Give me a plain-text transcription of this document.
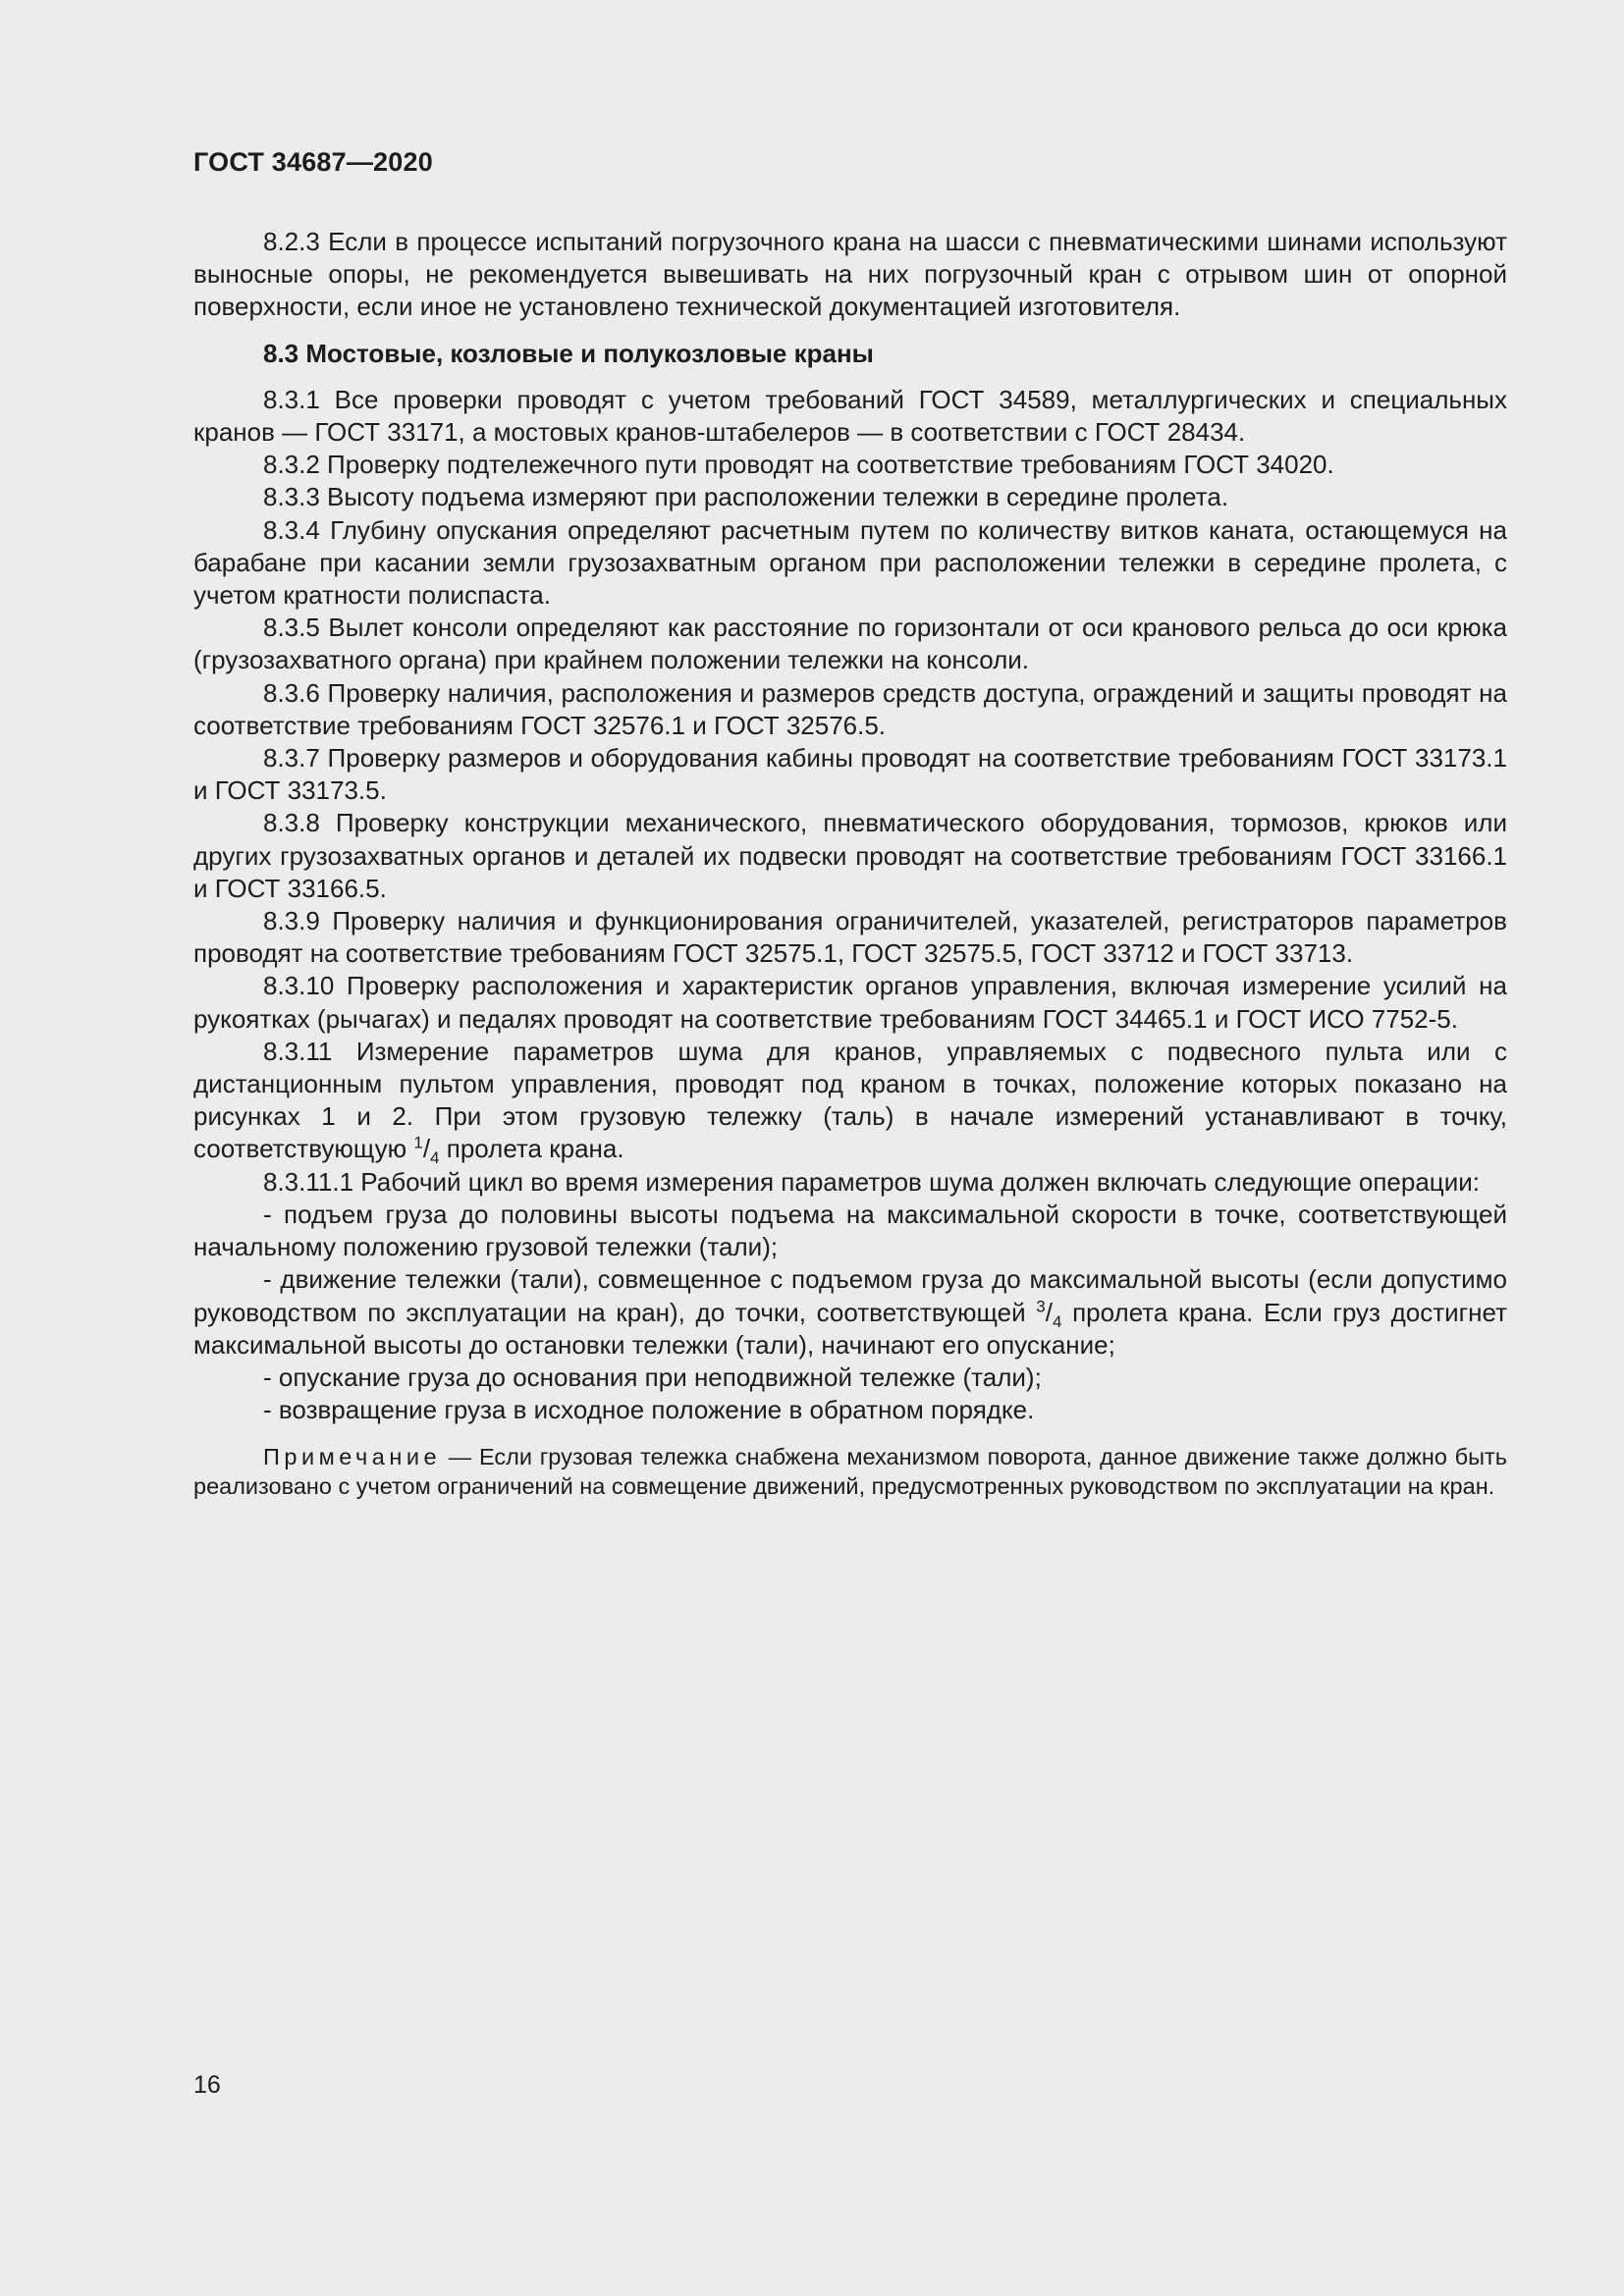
ГОСТ 34687—2020

8.2.3 Если в процессе испытаний погрузочного крана на шасси с пневматическими шинами используют выносные опоры, не рекомендуется вывешивать на них погрузочный кран с отрывом шин от опорной поверхности, если иное не установлено технической документацией изготовителя.

8.3 Мостовые, козловые и полукозловые краны

8.3.1 Все проверки проводят с учетом требований ГОСТ 34589, металлургических и специальных кранов — ГОСТ 33171, а мостовых кранов-штабелеров — в соответствии с ГОСТ 28434.

8.3.2 Проверку подтележечного пути проводят на соответствие требованиям ГОСТ 34020.

8.3.3 Высоту подъема измеряют при расположении тележки в середине пролета.

8.3.4 Глубину опускания определяют расчетным путем по количеству витков каната, остающемуся на барабане при касании земли грузозахватным органом при расположении тележки в середине пролета, с учетом кратности полиспаста.

8.3.5 Вылет консоли определяют как расстояние по горизонтали от оси кранового рельса до оси крюка (грузозахватного органа) при крайнем положении тележки на консоли.

8.3.6 Проверку наличия, расположения и размеров средств доступа, ограждений и защиты проводят на соответствие требованиям ГОСТ 32576.1 и ГОСТ 32576.5.

8.3.7 Проверку размеров и оборудования кабины проводят на соответствие требованиям ГОСТ 33173.1 и ГОСТ 33173.5.

8.3.8 Проверку конструкции механического, пневматического оборудования, тормозов, крюков или других грузозахватных органов и деталей их подвески проводят на соответствие требованиям ГОСТ 33166.1 и ГОСТ 33166.5.

8.3.9 Проверку наличия и функционирования ограничителей, указателей, регистраторов параметров проводят на соответствие требованиям ГОСТ 32575.1, ГОСТ 32575.5, ГОСТ 33712 и ГОСТ 33713.

8.3.10 Проверку расположения и характеристик органов управления, включая измерение усилий на рукоятках (рычагах) и педалях проводят на соответствие требованиям ГОСТ 34465.1 и ГОСТ ИСО 7752-5.

8.3.11 Измерение параметров шума для кранов, управляемых с подвесного пульта или с дистанционным пультом управления, проводят под краном в точках, положение которых показано на рисунках 1 и 2. При этом грузовую тележку (таль) в начале измерений устанавливают в точку, соответствующую $^1/_4$ пролета крана.

8.3.11.1 Рабочий цикл во время измерения параметров шума должен включать следующие операции:

- подъем груза до половины высоты подъема на максимальной скорости в точке, соответствующей начальному положению грузовой тележки (тали);

- движение тележки (тали), совмещенное с подъемом груза до максимальной высоты (если допустимо руководством по эксплуатации на кран), до точки, соответствующей $^3/_4$ пролета крана. Если груз достигнет максимальной высоты до остановки тележки (тали), начинают его опускание;

- опускание груза до основания при неподвижной тележке (тали);

- возвращение груза в исходное положение в обратном порядке.

Примечание — Если грузовая тележка снабжена механизмом поворота, данное движение также должно быть реализовано с учетом ограничений на совмещение движений, предусмотренных руководством по эксплуатации на кран.

16
